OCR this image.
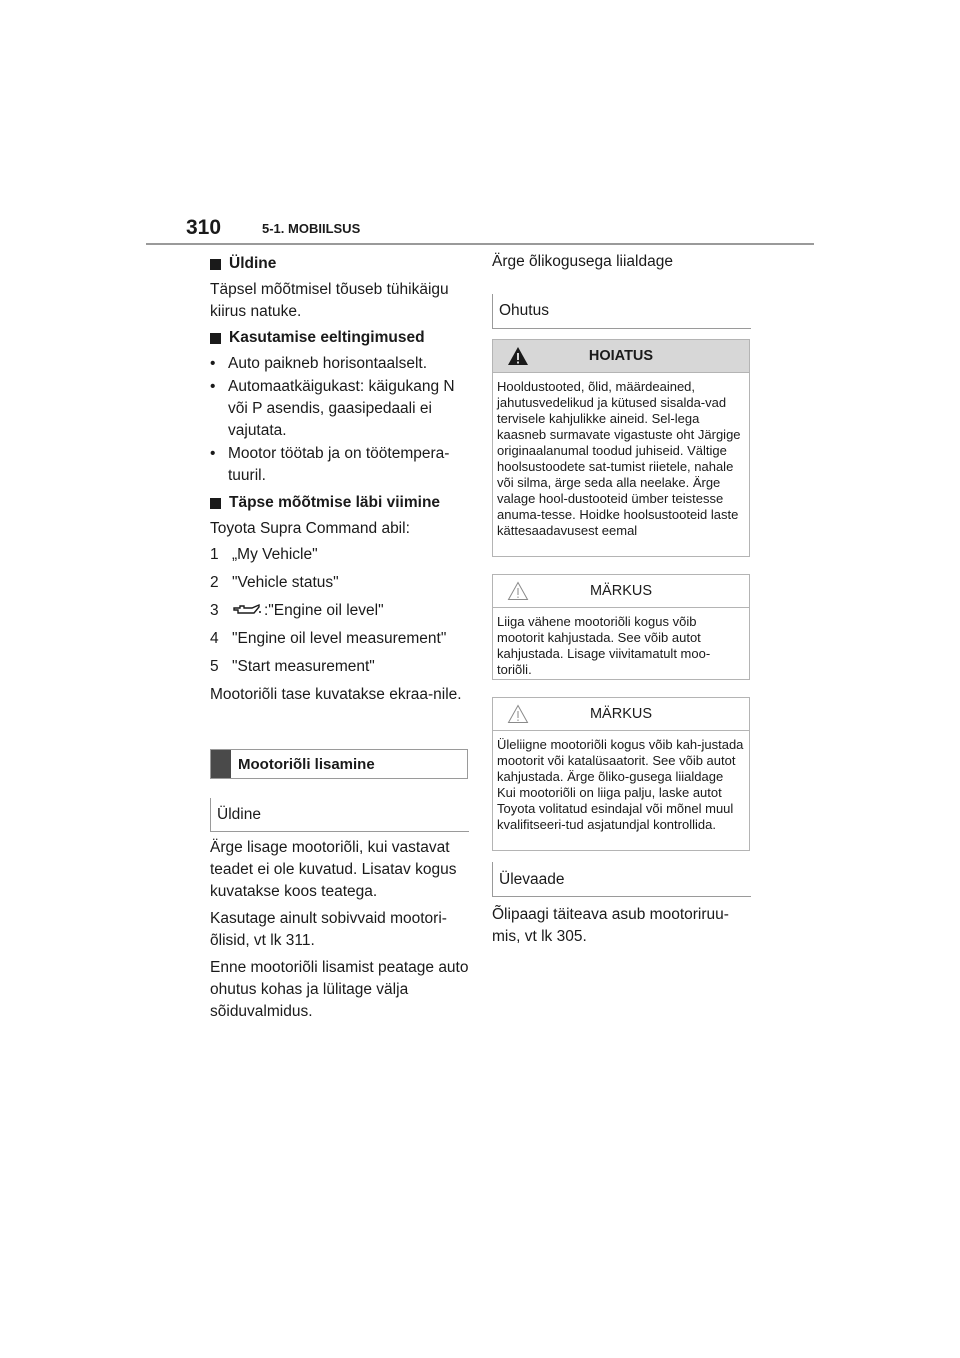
310	5-1. MOBIILSUS
Üldine

Täpsel mõõtmisel tõuseb tühikäigu kiirus natuke.

Kasutamise eeltingimused
• Auto paikneb horisontaalselt.
• Automaatkäigukast: käigukang N või P asendis, gaasipedaali ei vajutata.
• Mootor töötab ja on töötempera-tuuril.
Täpse mõõtmise läbi viimine

Toyota Supra Command abil:

1 „My Vehicle"
2 "Vehicle status"
3	:"Engine oil level"
4 "Engine oil level measurement"
5 "Start measurement"

Mootoriõli tase kuvatakse ekraa-nile.

Mootoriõli lisamine
Üldine

Ärge lisage mootoriõli, kui vastavat teadet ei ole kuvatud. Lisatav kogus kuvatakse koos teatega.

Kasutage ainult sobivvaid mootori-õlisid, vt lk 311.

Enne mootoriõli lisamist peatage auto ohutus kohas ja lülitage välja sõiduvalmidus.

Ärge õlikogusega liialdage
Ohutus
HOIATUS
Hooldustooted, õlid, määrdeained, jahutusvedelikud ja kütused sisalda-vad tervisele kahjulikke aineid. Sel-lega kaasneb surmavate vigastuste oht Järgige originaalanumal toodud juhiseid. Vältige hoolsustoodete sat-tumist riietele, nahale või silma, ärge seda alla neelake. Ärge valage hool-dustooteid ümber teistesse anuma-tesse. Hoidke hoolsustooteid laste kättesaadavusest eemal
MÄRKUS
Liiga vähene mootoriõli kogus võib mootorit kahjustada. See võib autot kahjustada. Lisage viivitamatult moo-toriõli.
MÄRKUS
Üleliigne mootoriõli kogus võib kah-justada mootorit või katalüsaatorit. See võib autot kahjustada. Ärge õliko-gusega liialdage Kui mootoriõli on liiga palju, laske autot Toyota volitatud esindajal või mõnel muul kvalifitseeri-tud asjatundjal kontrollida.
Ülevaade
Õlipaagi täiteava asub mootoriruu-mis, vt lk 305.
